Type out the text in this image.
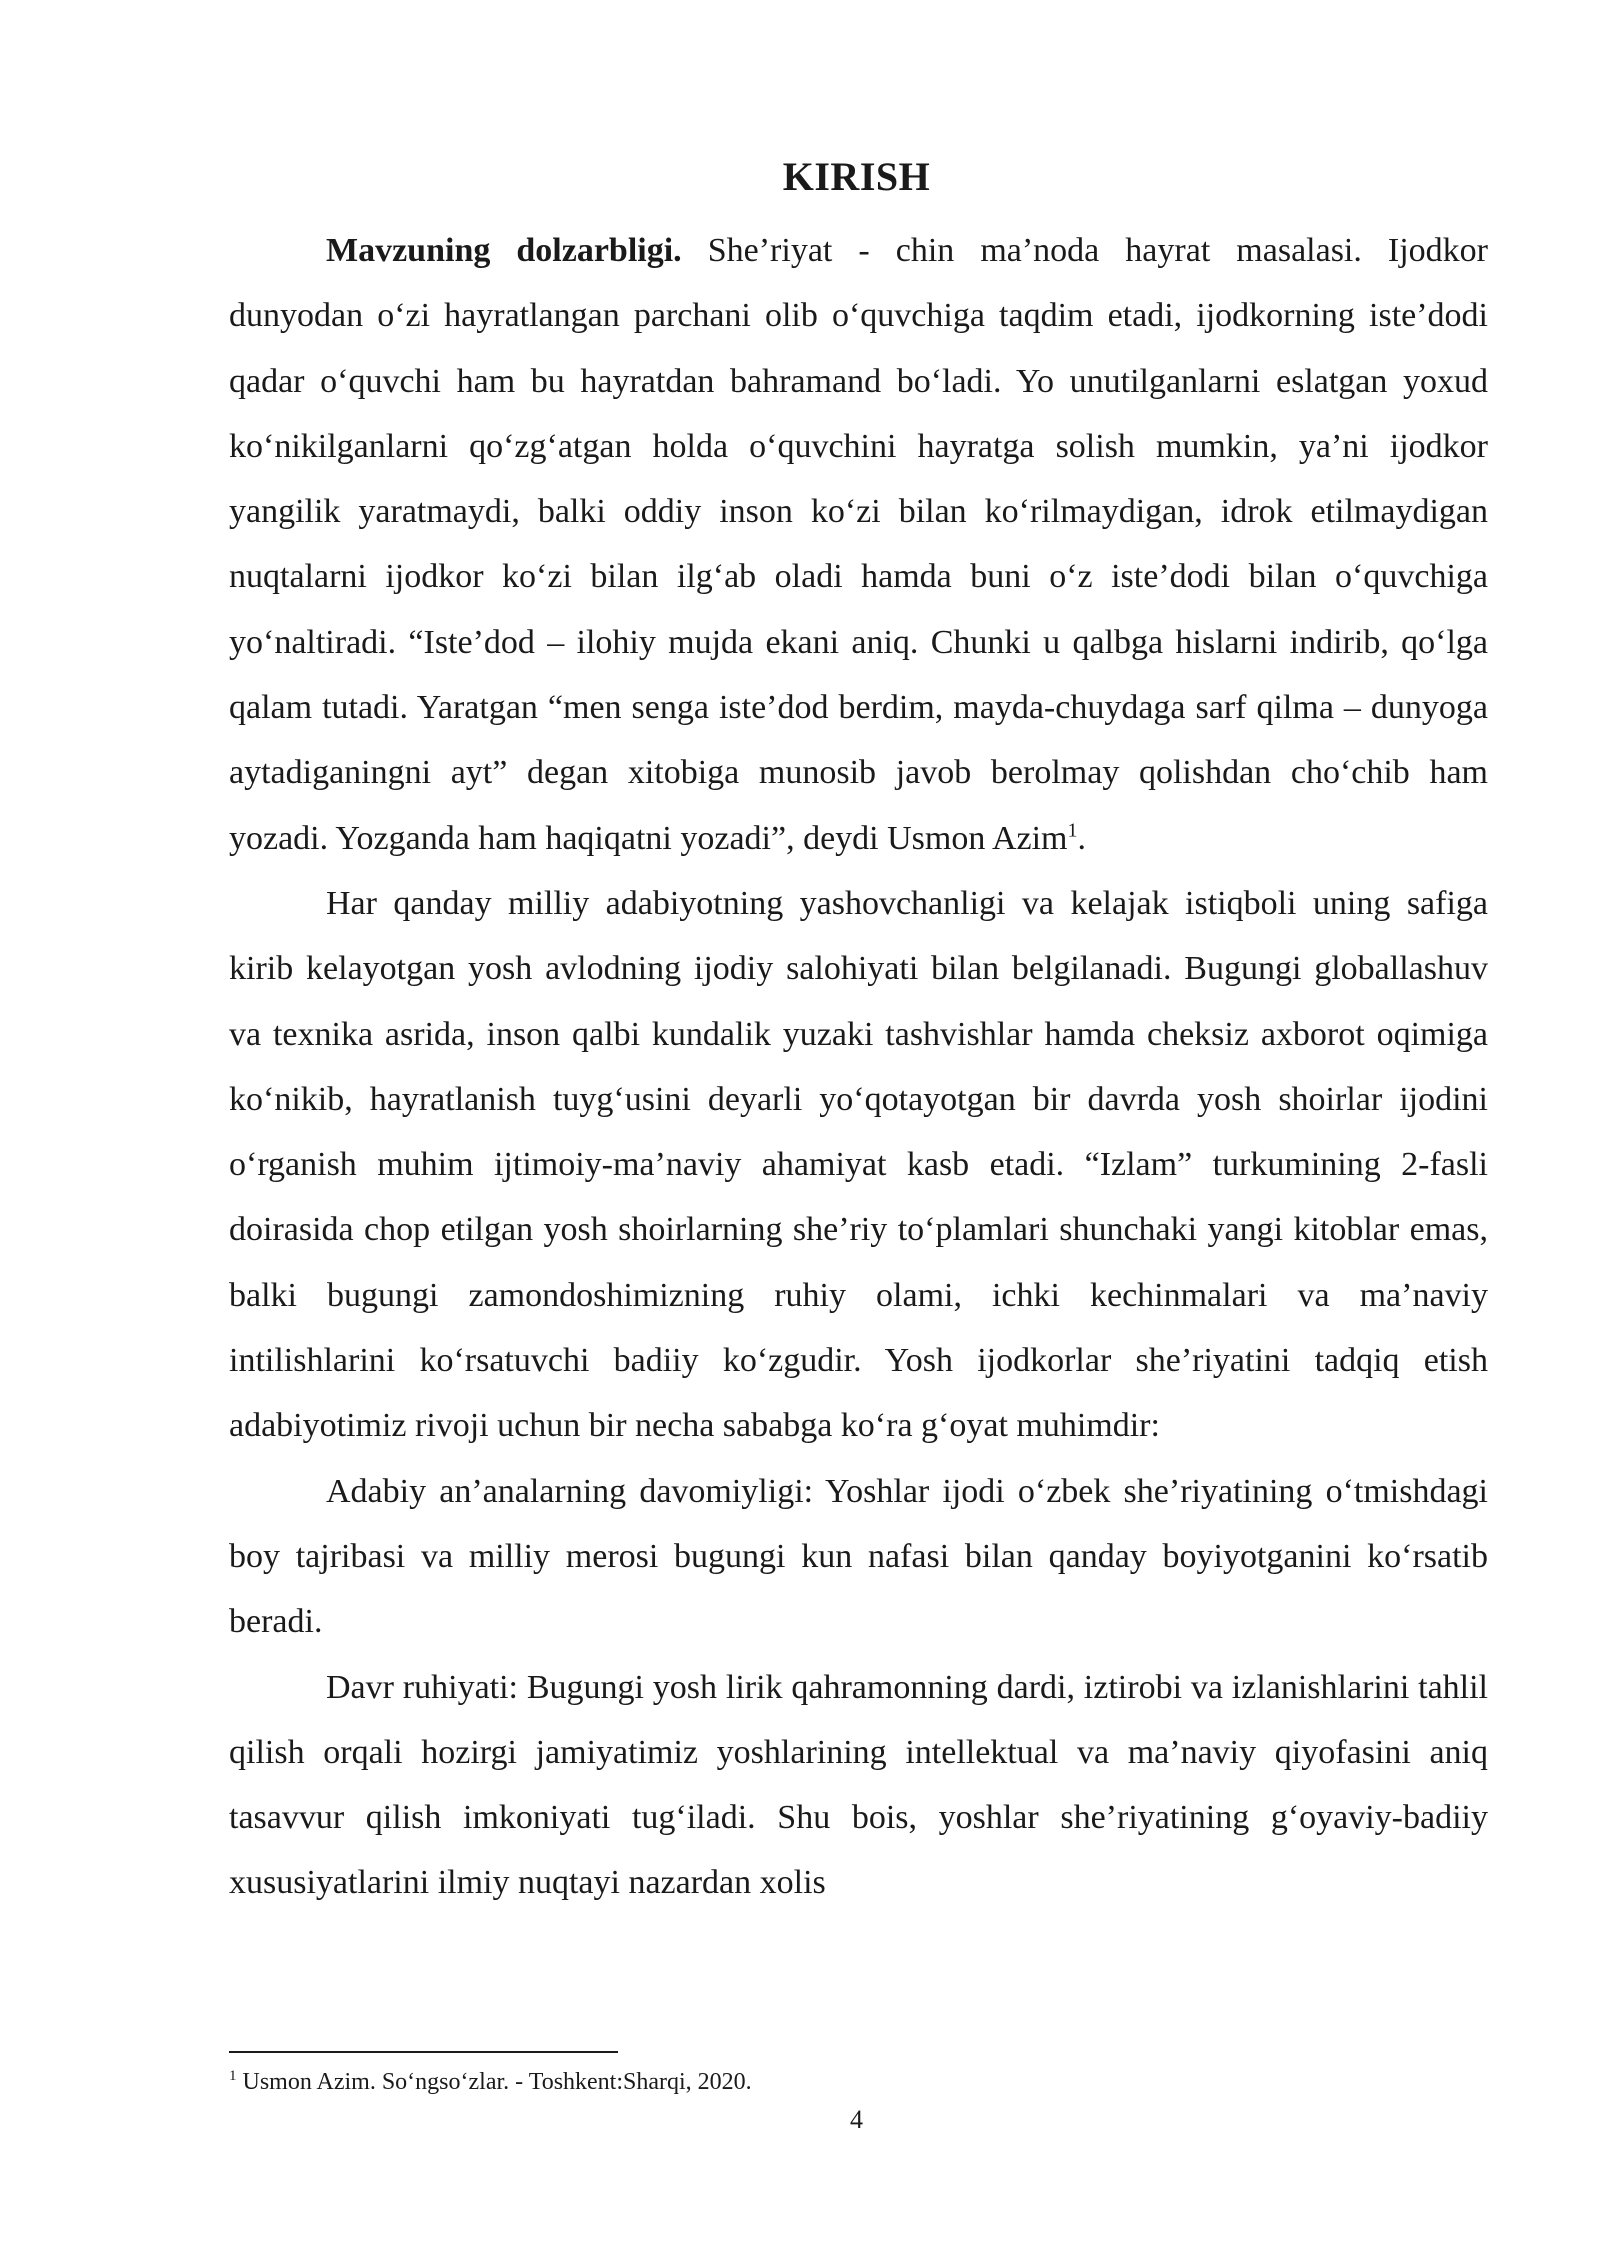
KIRISH

Mavzuning dolzarbligi. She’riyat - chin ma’noda hayrat masalasi. Ijodkor dunyodan o‘zi hayratlangan parchani olib o‘quvchiga taqdim etadi, ijodkorning iste’dodi qadar o‘quvchi ham bu hayratdan bahramand bo‘ladi. Yo unutilganlarni eslatgan yoxud ko‘nikilganlarni qo‘zg‘atgan holda o‘quvchini hayratga solish mumkin, ya’ni ijodkor yangilik yaratmaydi, balki oddiy inson ko‘zi bilan ko‘rilmaydigan, idrok etilmaydigan nuqtalarni ijodkor ko‘zi bilan ilg‘ab oladi hamda buni o‘z iste’dodi bilan o‘quvchiga yo‘naltiradi. “Iste’dod – ilohiy mujda ekani aniq. Chunki u qalbga hislarni indirib, qo‘lga qalam tutadi. Yaratgan “men senga iste’dod berdim, mayda-chuydaga sarf qilma – dunyoga aytadiganingni ayt” degan xitobiga munosib javob berolmay qolishdan cho‘chib ham yozadi. Yozganda ham haqiqatni yozadi”, deydi Usmon Azim$^1$.

Har qanday milliy adabiyotning yashovchanligi va kelajak istiqboli uning safiga kirib kelayotgan yosh avlodning ijodiy salohiyati bilan belgilanadi. Bugungi globallashuv va texnika asrida, inson qalbi kundalik yuzaki tashvishlar hamda cheksiz axborot oqimiga ko‘nikib, hayratlanish tuyg‘usini deyarli yo‘qotayotgan bir davrda yosh shoirlar ijodini o‘rganish muhim ijtimoiy-ma’naviy ahamiyat kasb etadi. “Izlam” turkumining 2-fasli doirasida chop etilgan yosh shoirlarning she’riy to‘plamlari shunchaki yangi kitoblar emas, balki bugungi zamondoshimizning ruhiy olami, ichki kechinmalari va ma’naviy intilishlarini ko‘rsatuvchi badiiy ko‘zgudir. Yosh ijodkorlar she’riyatini tadqiq etish adabiyotimiz rivoji uchun bir necha sababga ko‘ra g‘oyat muhimdir:

Adabiy an’analarning davomiyligi: Yoshlar ijodi o‘zbek she’riyatining o‘tmishdagi boy tajribasi va milliy merosi bugungi kun nafasi bilan qanday boyiyotganini ko‘rsatib beradi.

Davr ruhiyati: Bugungi yosh lirik qahramonning dardi, iztirobi va izlanishlarini tahlil qilish orqali hozirgi jamiyatimiz yoshlarining intellektual va ma’naviy qiyofasini aniq tasavvur qilish imkoniyati tug‘iladi. Shu bois, yoshlar she’riyatining g‘oyaviy-badiiy xususiyatlarini ilmiy nuqtayi nazardan xolis

$^1$ Usmon Azim. So‘ngso‘zlar. - Toshkent:Sharqi, 2020.
4
